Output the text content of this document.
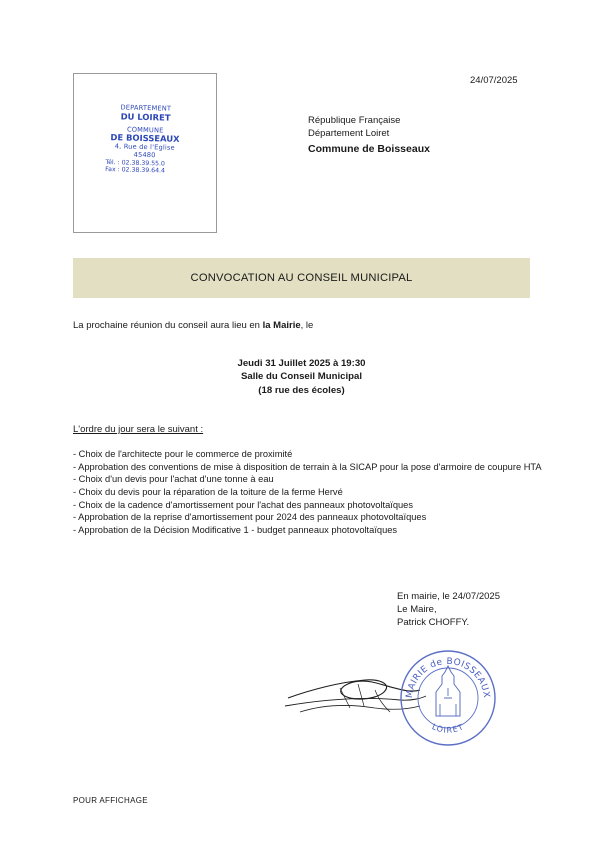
24/07/2025
DEPARTEMENT
DU LOIRET
COMMUNE
DE BOISSEAUX
4, Rue de l'Eglise
45480
Tél. : 02.38.39.55.0
Fax : 02.38.39.64.4
République Française
Département Loiret
Commune de Boisseaux
CONVOCATION AU CONSEIL MUNICIPAL
La prochaine réunion du conseil aura lieu en la Mairie, le
Jeudi 31 Juillet 2025 à 19:30
Salle du Conseil Municipal
(18 rue des écoles)
L'ordre du jour sera le suivant :
- Choix de l'architecte pour le commerce de proximité
- Approbation des conventions de mise à disposition de terrain à la SICAP pour la pose d'armoire de coupure HTA
- Choix d'un devis pour l'achat d'une tonne à eau
- Choix du devis pour la réparation de la toiture de la ferme Hervé
- Choix de la cadence d'amortissement pour l'achat des panneaux photovoltaïques
- Approbation de la reprise d'amortissement pour 2024 des panneaux photovoltaïques
- Approbation de la Décision Modificative 1 - budget panneaux photovoltaïques
En mairie, le 24/07/2025
Le Maire,
Patrick CHOFFY.
MAIRIE de BOISSEAUX
LOIRET
POUR AFFICHAGE
